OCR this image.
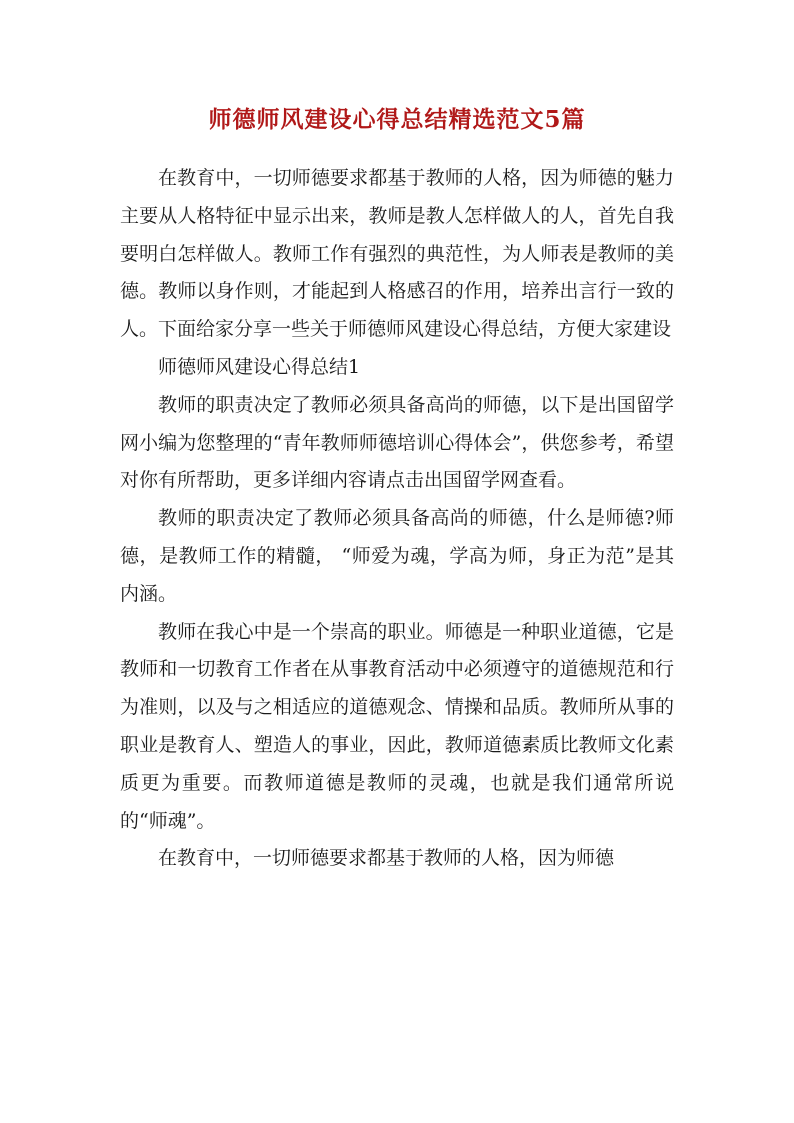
师德师风建设心得总结精选范文5篇

在教育中，一切师德要求都基于教师的人格，因为师德的魅力主要从人格特征中显示出来，教师是教人怎样做人的人，首先自我要明白怎样做人。教师工作有强烈的典范性，为人师表是教师的美德。教师以身作则，才能起到人格感召的作用，培养出言行一致的人。下面给家分享一些关于师德师风建设心得总结，方便大家建设

师德师风建设心得总结1

教师的职责决定了教师必须具备高尚的师德，以下是出国留学网小编为您整理的“青年教师师德培训心得体会”，供您参考，希望对你有所帮助，更多详细内容请点击出国留学网查看。

教师的职责决定了教师必须具备高尚的师德，什么是师德?师德，是教师工作的精髓， “师爱为魂，学高为师，身正为范”是其内涵。

教师在我心中是一个崇高的职业。师德是一种职业道德，它是教师和一切教育工作者在从事教育活动中必须遵守的道德规范和行为准则，以及与之相适应的道德观念、情操和品质。教师所从事的职业是教育人、塑造人的事业，因此，教师道德素质比教师文化素质更为重要。而教师道德是教师的灵魂，也就是我们通常所说的“师魂”。

在教育中，一切师德要求都基于教师的人格，因为师德
